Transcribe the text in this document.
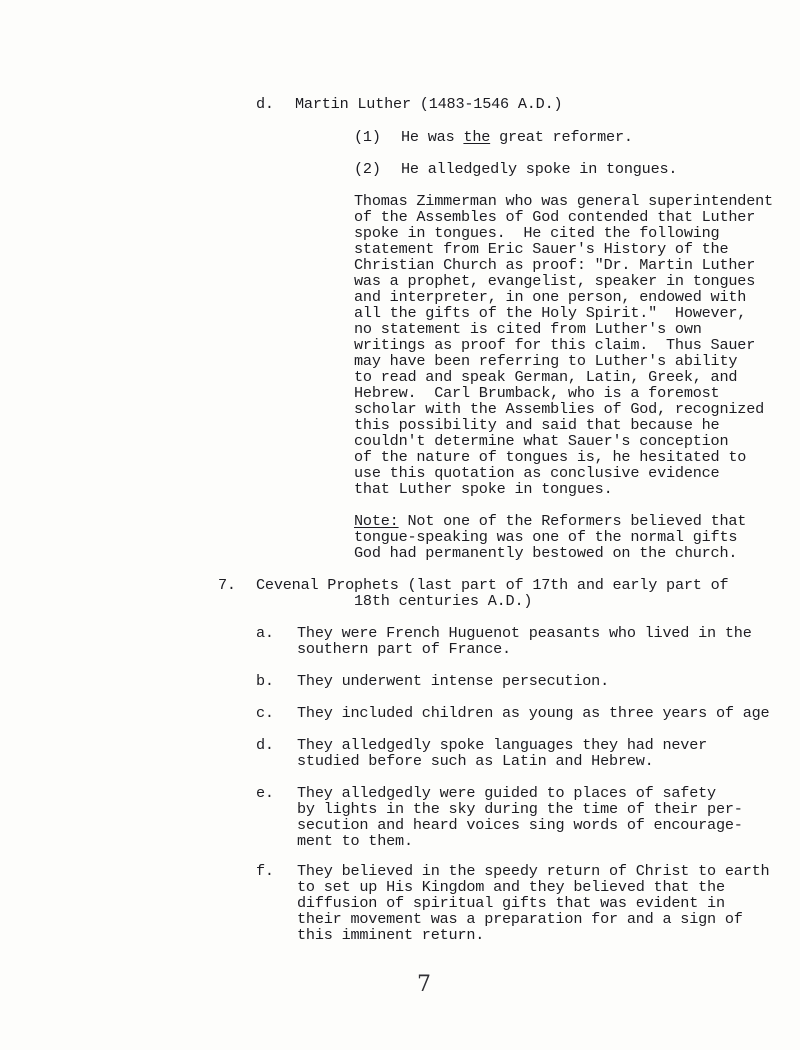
d. Martin Luther (1483-1546 A.D.)
(1) He was the great reformer.
(2) He alledgedly spoke in tongues.
Thomas Zimmerman who was general superintendent
of the Assembles of God contended that Luther
spoke in tongues.  He cited the following
statement from Eric Sauer's History of the
Christian Church as proof: "Dr. Martin Luther
was a prophet, evangelist, speaker in tongues
and interpreter, in one person, endowed with
all the gifts of the Holy Spirit."  However,
no statement is cited from Luther's own
writings as proof for this claim.  Thus Sauer
may have been referring to Luther's ability
to read and speak German, Latin, Greek, and
Hebrew.  Carl Brumback, who is a foremost
scholar with the Assemblies of God, recognized
this possibility and said that because he
couldn't determine what Sauer's conception
of the nature of tongues is, he hesitated to
use this quotation as conclusive evidence
that Luther spoke in tongues.
Note: Not one of the Reformers believed that
tongue-speaking was one of the normal gifts
God had permanently bestowed on the church.
7. Cevenal Prophets (last part of 17th and early part of
18th centuries A.D.)
a. They were French Huguenot peasants who lived in the
southern part of France.
b. They underwent intense persecution.
c. They included children as young as three years of age
d. They alledgedly spoke languages they had never
studied before such as Latin and Hebrew.
e. They alledgedly were guided to places of safety
by lights in the sky during the time of their per-
secution and heard voices sing words of encourage-
ment to them.
f. They believed in the speedy return of Christ to earth
to set up His Kingdom and they believed that the
diffusion of spiritual gifts that was evident in
their movement was a preparation for and a sign of
this imminent return.
7
